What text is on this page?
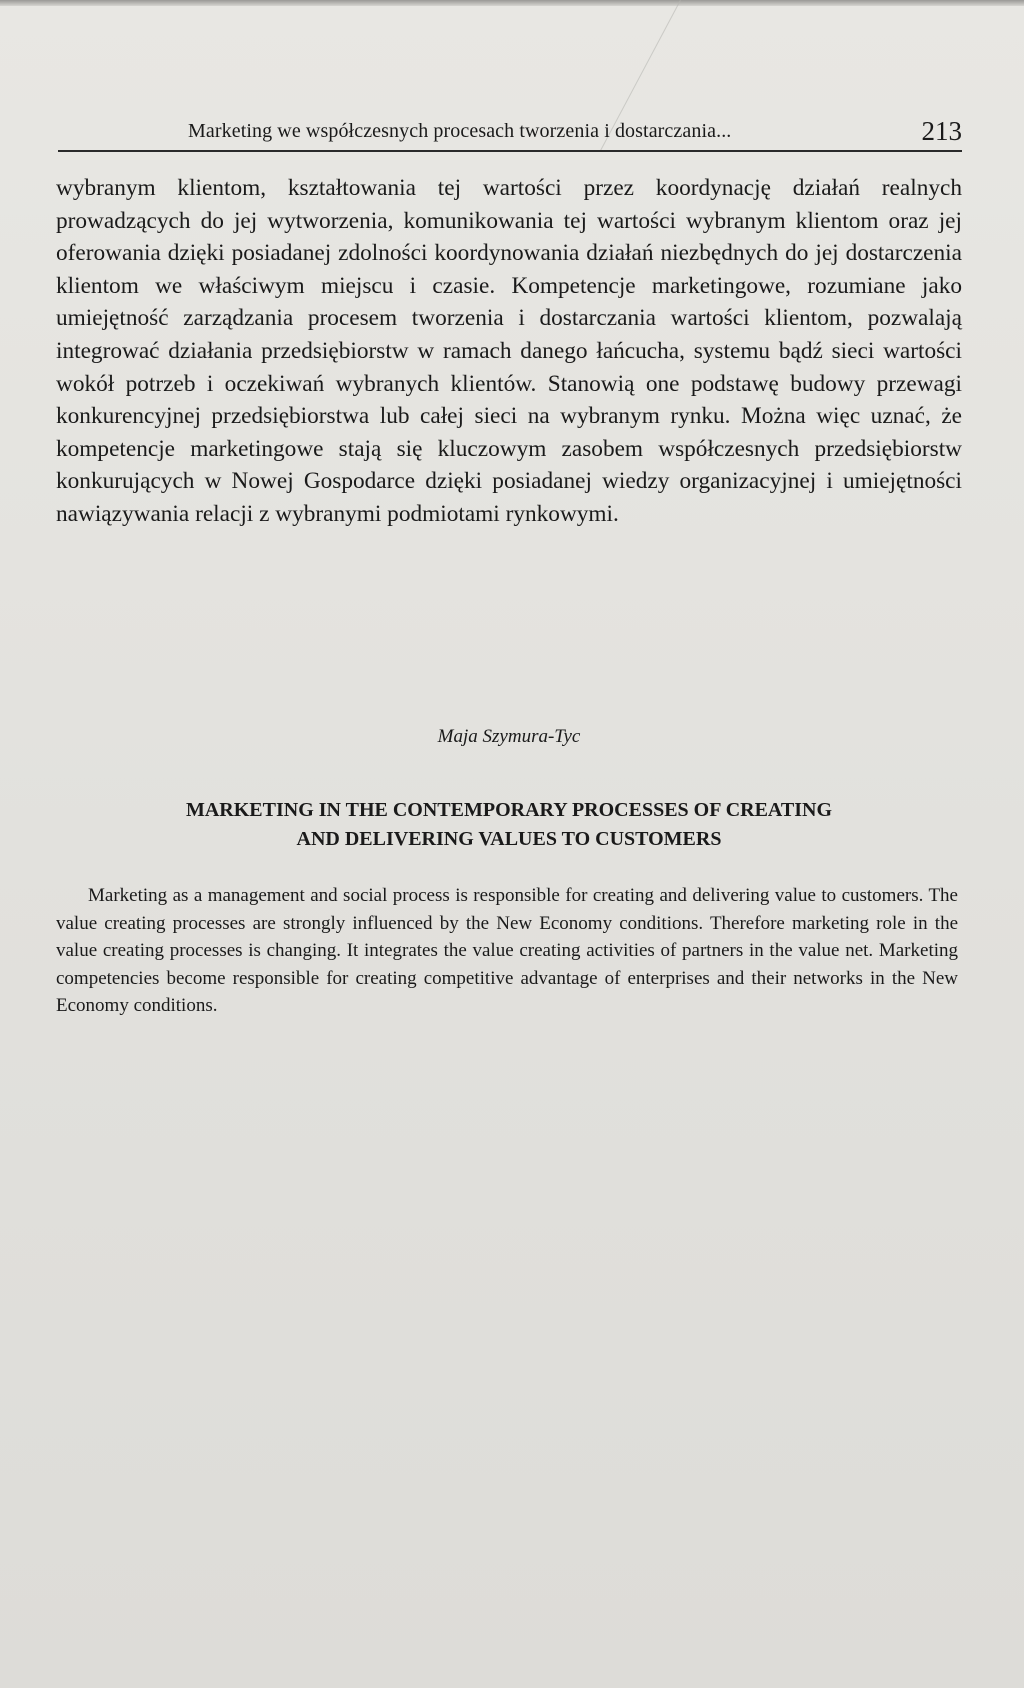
Marketing we współczesnych procesach tworzenia i dostarczania...	213

wybranym klientom, kształtowania tej wartości przez koordynację działań realnych prowadzących do jej wytworzenia, komunikowania tej wartości wybranym klientom oraz jej oferowania dzięki posiadanej zdolności koordynowania działań niezbędnych do jej dostarczenia klientom we właściwym miejscu i czasie. Kompetencje marketingowe, rozumiane jako umiejętność zarządzania procesem tworzenia i dostarczania wartości klientom, pozwalają integrować działania przedsiębiorstw w ramach danego łańcucha, systemu bądź sieci wartości wokół potrzeb i oczekiwań wybranych klientów. Stanowią one podstawę budowy przewagi konkurencyjnej przedsiębiorstwa lub całej sieci na wybranym rynku. Można więc uznać, że kompetencje marketingowe stają się kluczowym zasobem współczesnych przedsiębiorstw konkurujących w Nowej Gospodarce dzięki posiadanej wiedzy organizacyjnej i umiejętności nawiązywania relacji z wybranymi podmiotami rynkowymi.

Maja Szymura-Tyc
MARKETING IN THE CONTEMPORARY PROCESSES OF CREATING
AND DELIVERING VALUES TO CUSTOMERS

Marketing as a management and social process is responsible for creating and delivering value to customers. The value creating processes are strongly influenced by the New Economy conditions. Therefore marketing role in the value creating processes is changing. It integrates the value creating activities of partners in the value net. Marketing competencies become responsible for creating competitive advantage of enterprises and their networks in the New Economy conditions.
